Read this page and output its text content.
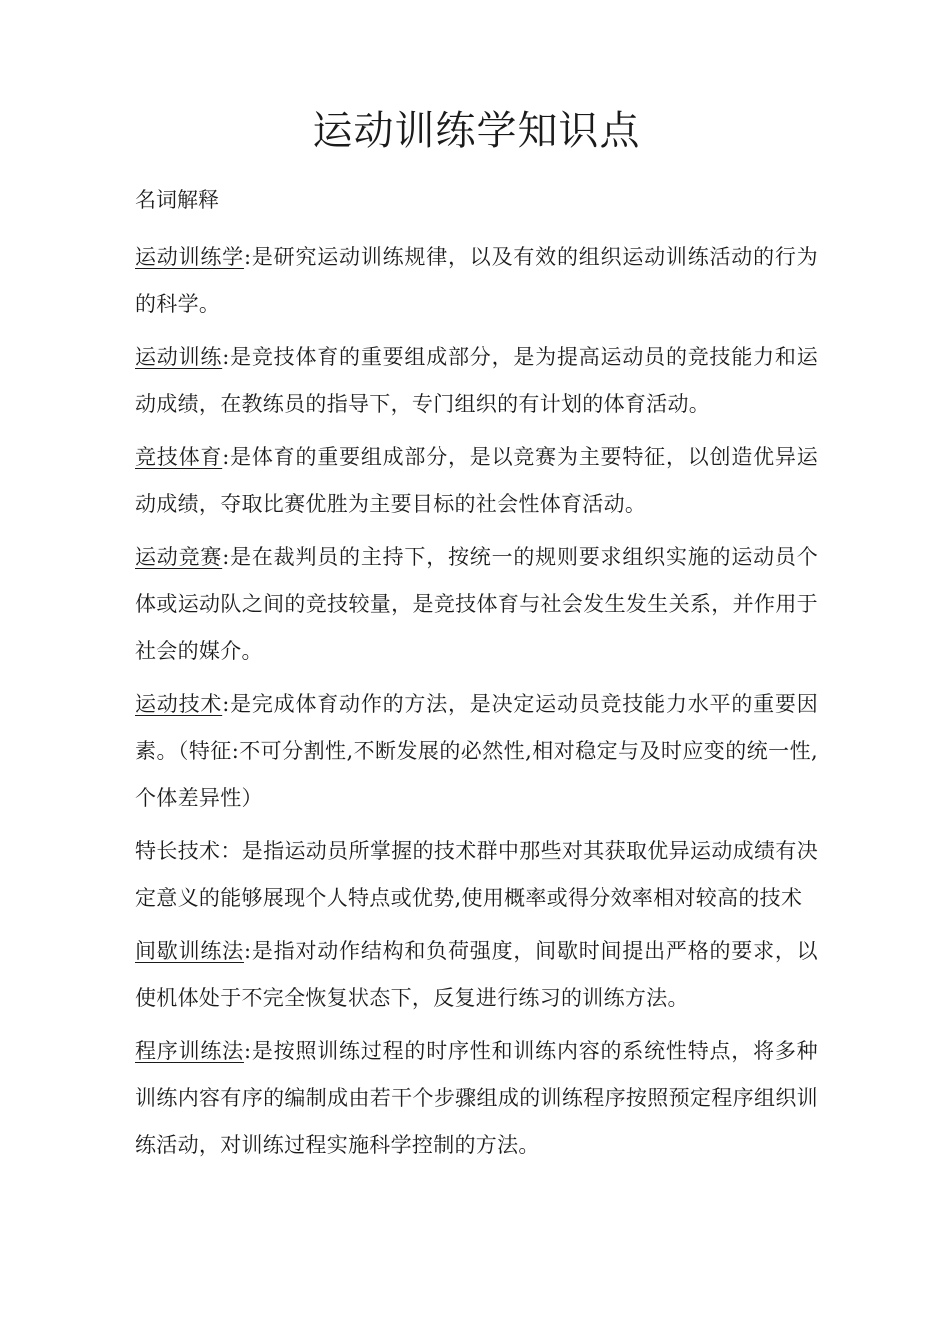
运动训练学知识点

名词解释

运动训练学:是研究运动训练规律，以及有效的组织运动训练活动的行为的科学。

运动训练:是竞技体育的重要组成部分，是为提高运动员的竞技能力和运动成绩，在教练员的指导下，专门组织的有计划的体育活动。

竞技体育:是体育的重要组成部分，是以竞赛为主要特征，以创造优异运动成绩，夺取比赛优胜为主要目标的社会性体育活动。

运动竞赛:是在裁判员的主持下，按统一的规则要求组织实施的运动员个体或运动队之间的竞技较量，是竞技体育与社会发生发生关系，并作用于社会的媒介。

运动技术:是完成体育动作的方法，是决定运动员竞技能力水平的重要因素。（特征:不可分割性,不断发展的必然性,相对稳定与及时应变的统一性,个体差异性）

特长技术：是指运动员所掌握的技术群中那些对其获取优异运动成绩有决定意义的能够展现个人特点或优势,使用概率或得分效率相对较高的技术

间歇训练法:是指对动作结构和负荷强度，间歇时间提出严格的要求，以使机体处于不完全恢复状态下，反复进行练习的训练方法。

程序训练法:是按照训练过程的时序性和训练内容的系统性特点，将多种训练内容有序的编制成由若干个步骤组成的训练程序按照预定程序组织训练活动，对训练过程实施科学控制的方法。
